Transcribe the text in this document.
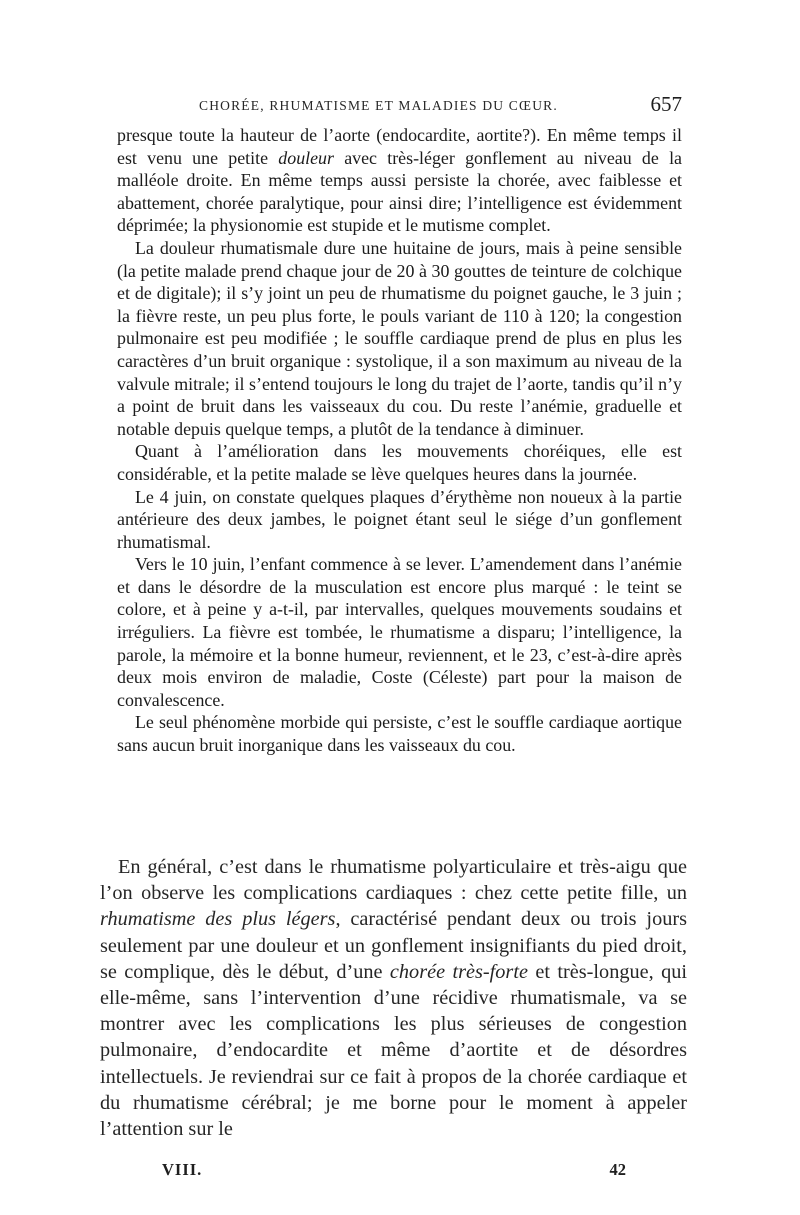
CHORÉE, RHUMATISME ET MALADIES DU CŒUR.	657

presque toute la hauteur de l’aorte (endocardite, aortite?). En même temps il est venu une petite douleur avec très-léger gonflement au niveau de la malléole droite. En même temps aussi persiste la chorée, avec faiblesse et abattement, chorée paralytique, pour ainsi dire; l’intelligence est évidemment déprimée; la physionomie est stupide et le mutisme complet.

La douleur rhumatismale dure une huitaine de jours, mais à peine sensible (la petite malade prend chaque jour de 20 à 30 gouttes de teinture de colchique et de digitale); il s’y joint un peu de rhumatisme du poignet gauche, le 3 juin ; la fièvre reste, un peu plus forte, le pouls variant de 110 à 120; la congestion pulmonaire est peu modifiée ; le souffle cardiaque prend de plus en plus les caractères d’un bruit organique : systolique, il a son maximum au niveau de la valvule mitrale; il s’entend toujours le long du trajet de l’aorte, tandis qu’il n’y a point de bruit dans les vaisseaux du cou. Du reste l’anémie, graduelle et notable depuis quelque temps, a plutôt de la tendance à diminuer.

Quant à l’amélioration dans les mouvements choréiques, elle est considérable, et la petite malade se lève quelques heures dans la journée.

Le 4 juin, on constate quelques plaques d’érythème non noueux à la partie antérieure des deux jambes, le poignet étant seul le siége d’un gonflement rhumatismal.

Vers le 10 juin, l’enfant commence à se lever. L’amendement dans l’anémie et dans le désordre de la musculation est encore plus marqué : le teint se colore, et à peine y a-t-il, par intervalles, quelques mouvements soudains et irréguliers. La fièvre est tombée, le rhumatisme a disparu; l’intelligence, la parole, la mémoire et la bonne humeur, reviennent, et le 23, c’est-à-dire après deux mois environ de maladie, Coste (Céleste) part pour la maison de convalescence.

Le seul phénomène morbide qui persiste, c’est le souffle cardiaque aortique sans aucun bruit inorganique dans les vaisseaux du cou.

En général, c’est dans le rhumatisme polyarticulaire et très-aigu que l’on observe les complications cardiaques : chez cette petite fille, un rhumatisme des plus légers, caractérisé pendant deux ou trois jours seulement par une douleur et un gonflement insignifiants du pied droit, se complique, dès le début, d’une chorée très-forte et très-longue, qui elle-même, sans l’intervention d’une récidive rhumatismale, va se montrer avec les complications les plus sérieuses de congestion pulmonaire, d’endocardite et même d’aortite et de désordres intellectuels. Je reviendrai sur ce fait à propos de la chorée cardiaque et du rhumatisme cérébral; je me borne pour le moment à appeler l’attention sur le

VIII.	42
